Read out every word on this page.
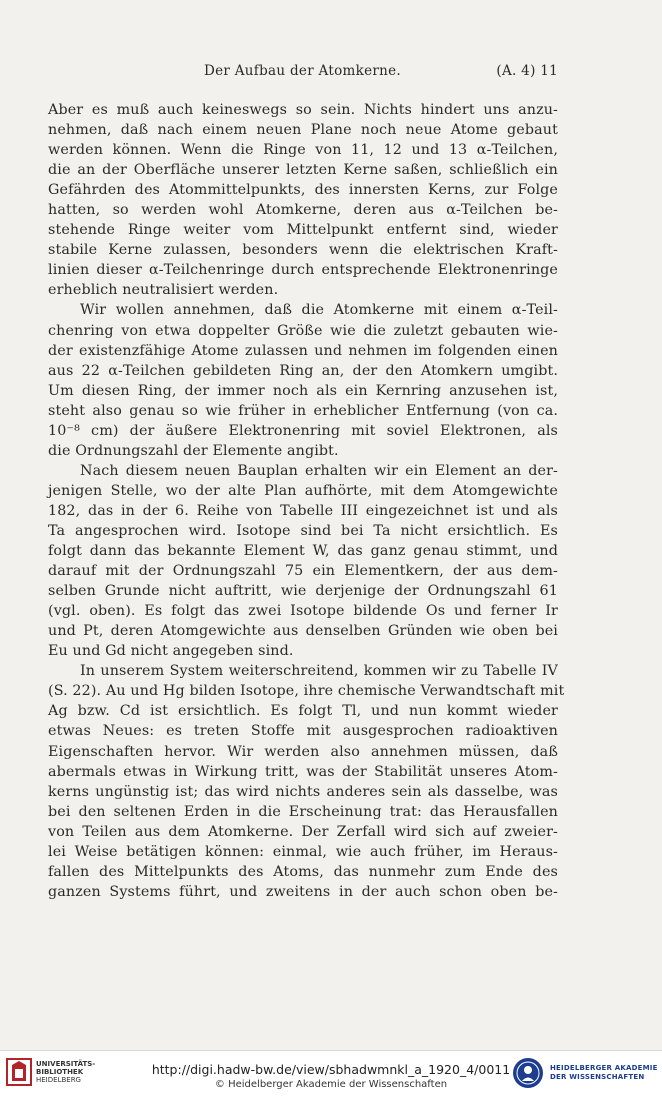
Der Aufbau der Atomkerne.	(A. 4) 11
Aber es muß auch keineswegs so sein. Nichts hindert uns anzu-
nehmen, daß nach einem neuen Plane noch neue Atome gebaut
werden können. Wenn die Ringe von 11, 12 und 13 α-Teilchen,
die an der Oberfläche unserer letzten Kerne saßen, schließlich ein
Gefährden des Atommittelpunkts, des innersten Kerns, zur Folge
hatten, so werden wohl Atomkerne, deren aus α-Teilchen be-
stehende Ringe weiter vom Mittelpunkt entfernt sind, wieder
stabile Kerne zulassen, besonders wenn die elektrischen Kraft-
linien dieser α-Teilchenringe durch entsprechende Elektronenringe
erheblich neutralisiert werden.
Wir wollen annehmen, daß die Atomkerne mit einem α-Teil-
chenring von etwa doppelter Größe wie die zuletzt gebauten wie-
der existenzfähige Atome zulassen und nehmen im folgenden einen
aus 22 α-Teilchen gebildeten Ring an, der den Atomkern umgibt.
Um diesen Ring, der immer noch als ein Kernring anzusehen ist,
steht also genau so wie früher in erheblicher Entfernung (von ca.
10⁻⁸ cm) der äußere Elektronenring mit soviel Elektronen, als
die Ordnungszahl der Elemente angibt.
Nach diesem neuen Bauplan erhalten wir ein Element an der-
jenigen Stelle, wo der alte Plan aufhörte, mit dem Atomgewichte
182, das in der 6. Reihe von Tabelle III eingezeichnet ist und als
Ta angesprochen wird. Isotope sind bei Ta nicht ersichtlich. Es
folgt dann das bekannte Element W, das ganz genau stimmt, und
darauf mit der Ordnungszahl 75 ein Elementkern, der aus dem-
selben Grunde nicht auftritt, wie derjenige der Ordnungszahl 61
(vgl. oben). Es folgt das zwei Isotope bildende Os und ferner Ir
und Pt, deren Atomgewichte aus denselben Gründen wie oben bei
Eu und Gd nicht angegeben sind.
In unserem System weiterschreitend, kommen wir zu Tabelle IV
(S. 22). Au und Hg bilden Isotope, ihre chemische Verwandtschaft mit
Ag bzw. Cd ist ersichtlich. Es folgt Tl, und nun kommt wieder
etwas Neues: es treten Stoffe mit ausgesprochen radioaktiven
Eigenschaften hervor. Wir werden also annehmen müssen, daß
abermals etwas in Wirkung tritt, was der Stabilität unseres Atom-
kerns ungünstig ist; das wird nichts anderes sein als dasselbe, was
bei den seltenen Erden in die Erscheinung trat: das Herausfallen
von Teilen aus dem Atomkerne. Der Zerfall wird sich auf zweier-
lei Weise betätigen können: einmal, wie auch früher, im Heraus-
fallen des Mittelpunkts des Atoms, das nunmehr zum Ende des
ganzen Systems führt, und zweitens in der auch schon oben be-
UNIVERSITÄTS-
BIBLIOTHEK
HEIDELBERG
http://digi.hadw-bw.de/view/sbhadwmnkl_a_1920_4/0011
© Heidelberger Akademie der Wissenschaften
HEIDELBERGER AKADEMIE
DER WISSENSCHAFTEN
